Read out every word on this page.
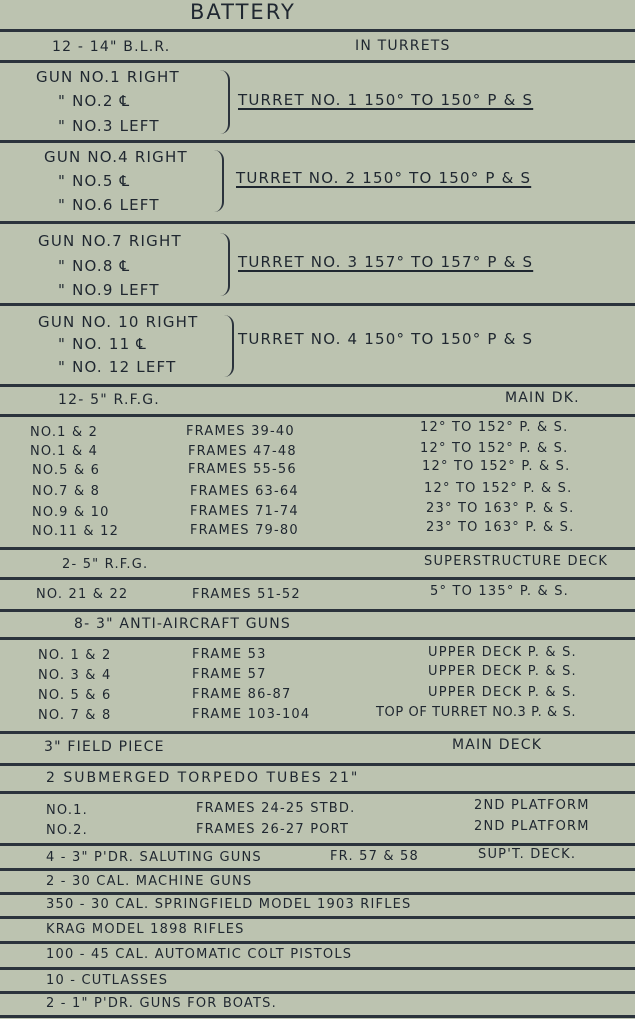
BATTERY
12 - 14" B.L.R.	IN TURRETS
GUN NO.1 RIGHT
" NO.2 ℄
" NO.3 LEFT
TURRET NO. 1 150° TO 150° P & S
GUN NO.4 RIGHT
" NO.5 ℄
" NO.6 LEFT
TURRET NO. 2 150° TO 150° P & S
GUN NO.7 RIGHT
" NO.8 ℄
" NO.9 LEFT
TURRET NO. 3 157° TO 157° P & S
GUN NO. 10 RIGHT
" NO. 11 ℄
" NO. 12 LEFT
TURRET NO. 4 150° TO 150° P & S
12- 5" R.F.G.	MAIN DK.
NO.1 & 2	FRAMES 39-40	12° TO 152° P. & S.
NO.1 & 4	FRAMES 47-48	12° TO 152° P. & S.
NO.5 & 6	FRAMES 55-56	12° TO 152° P. & S.
NO.7 & 8	FRAMES 63-64	12° TO 152° P. & S.
NO.9 & 10	FRAMES 71-74	23° TO 163° P. & S.
NO.11 & 12	FRAMES 79-80	23° TO 163° P. & S.
2- 5" R.F.G.	SUPERSTRUCTURE DECK
NO. 21 & 22	FRAMES 51-52	5° TO 135° P. & S.
8- 3" ANTI-AIRCRAFT GUNS
NO. 1 & 2	FRAME 53	UPPER DECK P. & S.
NO. 3 & 4	FRAME 57	UPPER DECK P. & S.
NO. 5 & 6	FRAME 86-87	UPPER DECK P. & S.
NO. 7 & 8	FRAME 103-104	TOP OF TURRET NO.3 P. & S.
3" FIELD PIECE	MAIN DECK
2 SUBMERGED TORPEDO TUBES 21"
NO.1.	FRAMES 24-25 STBD.	2ND PLATFORM
NO.2.	FRAMES 26-27 PORT	2ND PLATFORM
4 - 3" P'DR. SALUTING GUNS	FR. 57 & 58	SUP'T. DECK.
2 - 30 CAL. MACHINE GUNS
350 - 30 CAL. SPRINGFIELD MODEL 1903 RIFLES
KRAG MODEL 1898 RIFLES
100 - 45 CAL. AUTOMATIC COLT PISTOLS
10 - CUTLASSES
2 - 1" P'DR. GUNS FOR BOATS.
